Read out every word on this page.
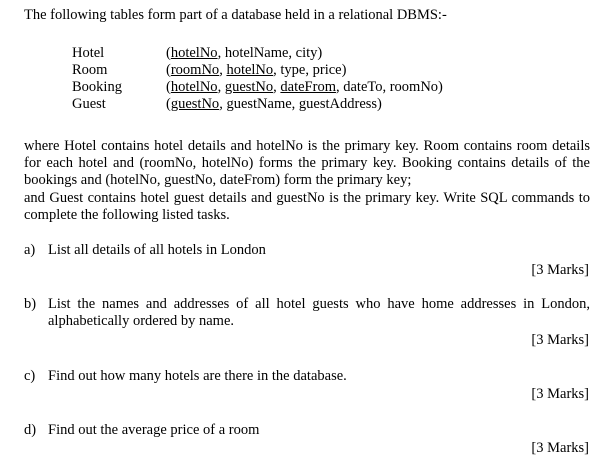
The following tables form part of a database held in a relational DBMS:-
Hotel	(hotelNo, hotelName, city)
Room	(roomNo, hotelNo, type, price)
Booking	(hotelNo, guestNo, dateFrom, dateTo, roomNo)
Guest	(guestNo, guestName, guestAddress)

where Hotel contains hotel details and hotelNo is the primary key. Room contains room details for each hotel and (roomNo, hotelNo) forms the primary key. Booking contains details of the bookings and (hotelNo, guestNo, dateFrom) form the primary key;

and Guest contains hotel guest details and guestNo is the primary key. Write SQL commands to complete the following listed tasks.

a) List all details of all hotels in London
[3 Marks]
b) List the names and addresses of all hotel guests who have home addresses in London, alphabetically ordered by name.
[3 Marks]
c) Find out how many hotels are there in the database.
[3 Marks]
d) Find out the average price of a room
[3 Marks]
